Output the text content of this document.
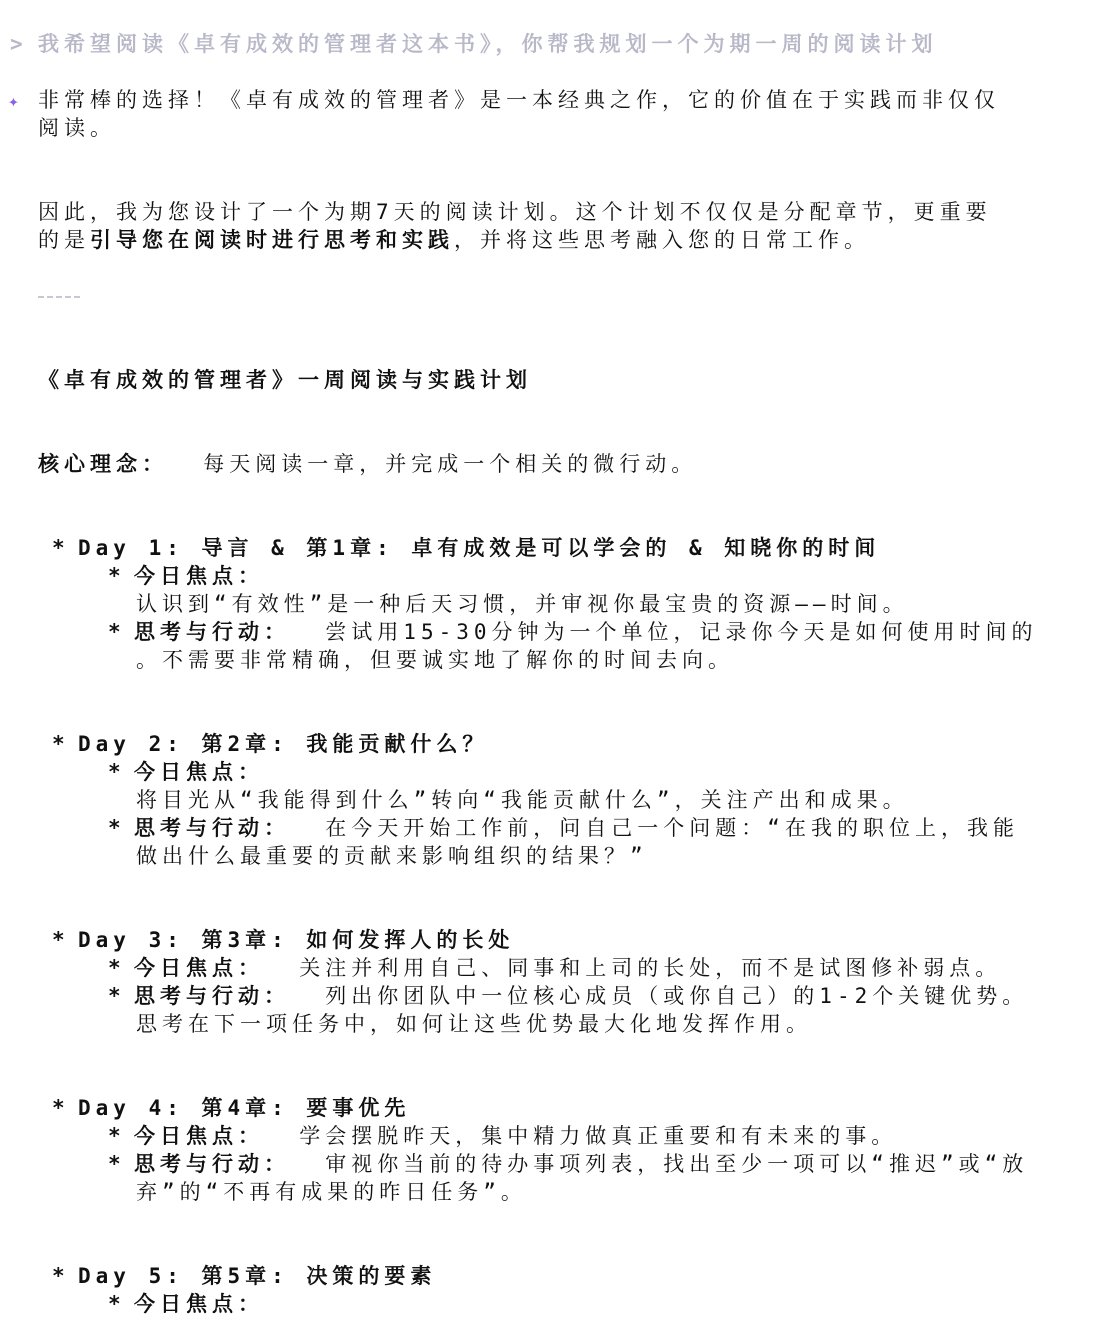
> 我希望阅读《卓有成效的管理者这本书》，你帮我规划一个为期一周的阅读计划
✦ 非常棒的选择！《卓有成效的管理者》是一本经典之作，它的价值在于实践而非仅仅
阅读。
因此，我为您设计了一个为期7天的阅读计划。这个计划不仅仅是分配章节，更重要
的是引导您在阅读时进行思考和实践，并将这些思考融入您的日常工作。
《卓有成效的管理者》一周阅读与实践计划
核心理念： 每天阅读一章，并完成一个相关的微行动。
* Day 1: 导言 & 第1章: 卓有成效是可以学会的 & 知晓你的时间
* 今日焦点：
认识到“有效性”是一种后天习惯，并审视你最宝贵的资源——时间。
* 思考与行动： 尝试用15-30分钟为一个单位，记录你今天是如何使用时间的
。不需要非常精确，但要诚实地了解你的时间去向。
* Day 2: 第2章: 我能贡献什么？
* 今日焦点：
将目光从“我能得到什么”转向“我能贡献什么”，关注产出和成果。
* 思考与行动： 在今天开始工作前，问自己一个问题：“在我的职位上，我能
做出什么最重要的贡献来影响组织的结果？”
* Day 3: 第3章: 如何发挥人的长处
* 今日焦点： 关注并利用自己、同事和上司的长处，而不是试图修补弱点。
* 思考与行动： 列出你团队中一位核心成员（或你自己）的1-2个关键优势。
思考在下一项任务中，如何让这些优势最大化地发挥作用。
* Day 4: 第4章: 要事优先
* 今日焦点： 学会摆脱昨天，集中精力做真正重要和有未来的事。
* 思考与行动： 审视你当前的待办事项列表，找出至少一项可以“推迟”或“放
弃”的“不再有成果的昨日任务”。
* Day 5: 第5章: 决策的要素
* 今日焦点：
